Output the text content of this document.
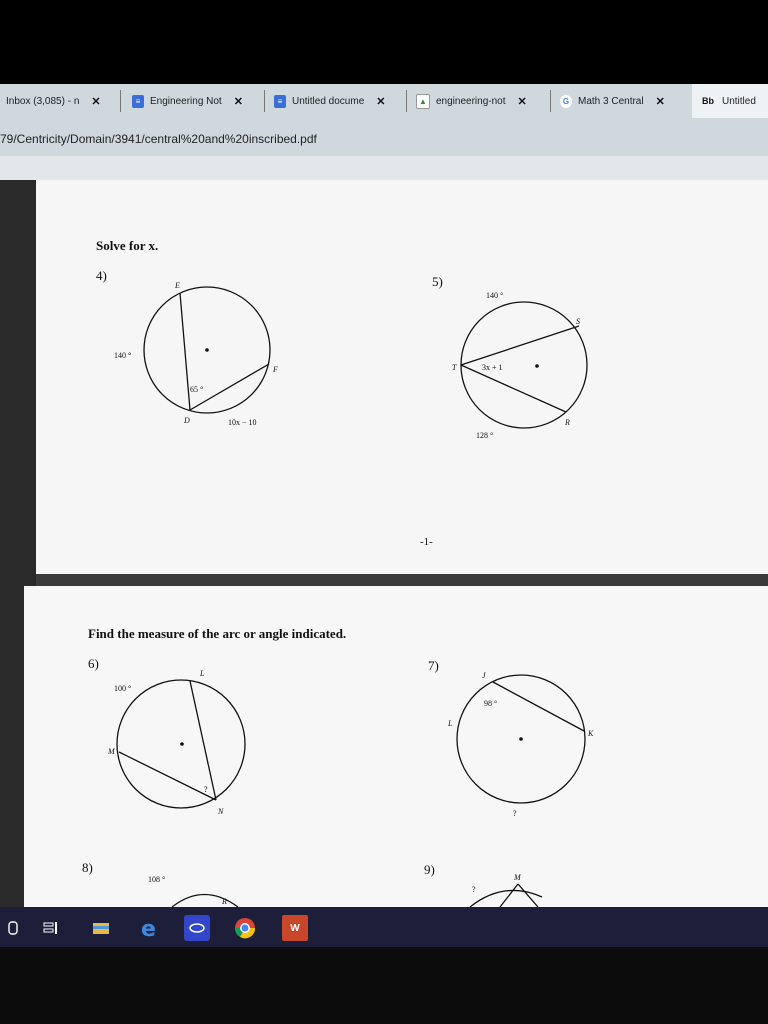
Inbox (3,085) - n ✕	≡ Engineering Not ✕	≡ Untitled docume ✕	▲ engineering-not ✕	G Math 3 Central ✕	Bb Untitled
79/Centricity/Domain/3941/central%20and%20inscribed.pdf
Solve for x.
4)	5)
-1-
E
D
F
140 °
65 °
10x − 10
S
T
R
140 °
3x + 1
128 °
Find the measure of the arc or angle indicated.
6)	7)
8)	9)
L
M
N
100 °
?
J
L
K
98 °
?
108 °
R
M
?
e	W
